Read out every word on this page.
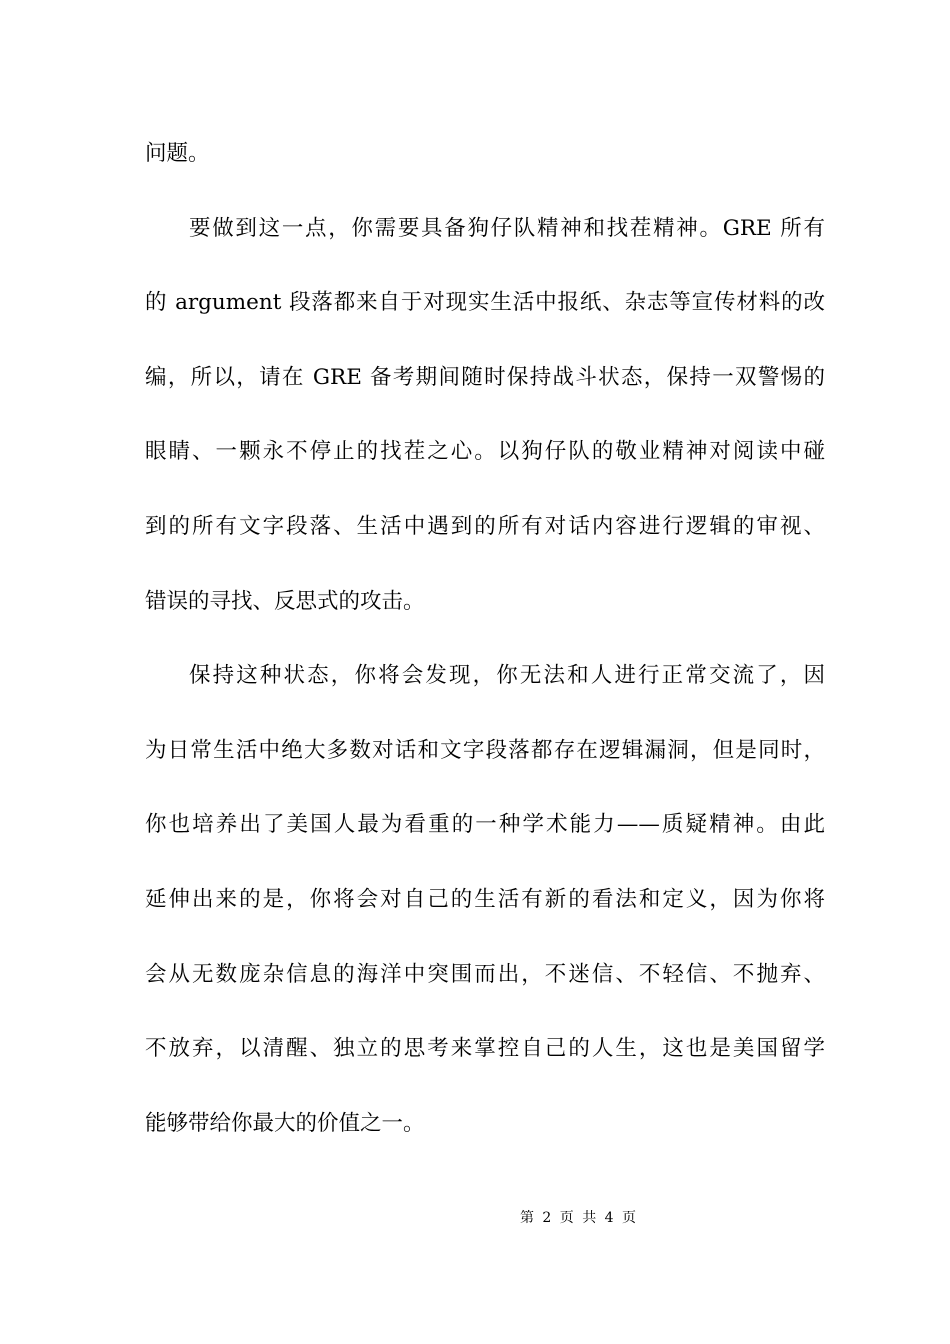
问题。
要做到这一点，你需要具备狗仔队精神和找茬精神。GRE 所有
的 argument 段落都来自于对现实生活中报纸、杂志等宣传材料的改
编，所以，请在 GRE 备考期间随时保持战斗状态，保持一双警惕的
眼睛、一颗永不停止的找茬之心。以狗仔队的敬业精神对阅读中碰
到的所有文字段落、生活中遇到的所有对话内容进行逻辑的审视、
错误的寻找、反思式的攻击。
保持这种状态，你将会发现，你无法和人进行正常交流了，因
为日常生活中绝大多数对话和文字段落都存在逻辑漏洞，但是同时，
你也培养出了美国人最为看重的一种学术能力——质疑精神。由此
延伸出来的是，你将会对自己的生活有新的看法和定义，因为你将
会从无数庞杂信息的海洋中突围而出，不迷信、不轻信、不抛弃、
不放弃，以清醒、独立的思考来掌控自己的人生，这也是美国留学
能够带给你最大的价值之一。
第 2 页 共 4 页
